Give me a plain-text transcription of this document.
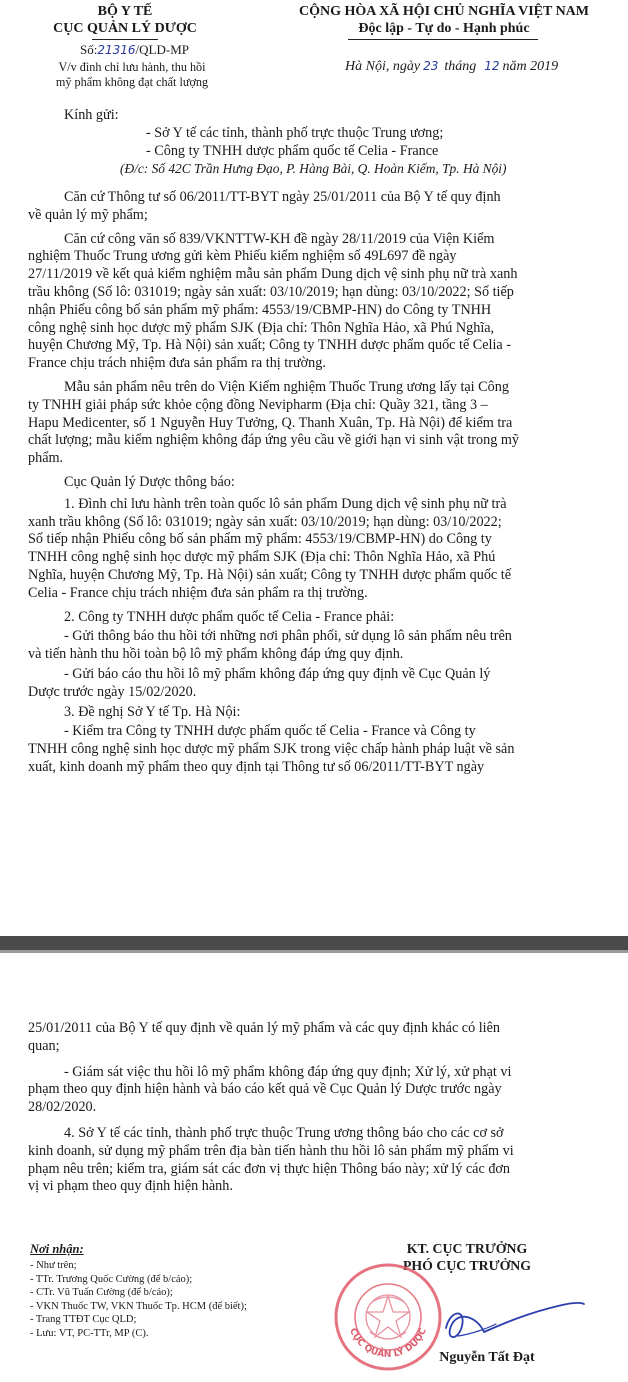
BỘ Y TẾ
CỤC QUẢN LÝ DƯỢC
Số:21316/QLD-MP
V/v đình chỉ lưu hành, thu hồi
mỹ phẩm không đạt chất lượng
CỘNG HÒA XÃ HỘI CHỦ NGHĨA VIỆT NAM
Độc lập - Tự do - Hạnh phúc
Hà Nội, ngày 23 tháng 12 năm 2019
Kính gửi:
- Sở Y tế các tỉnh, thành phố trực thuộc Trung ương;
- Công ty TNHH dược phẩm quốc tế Celia - France
(Đ/c: Số 42C Trần Hưng Đạo, P. Hàng Bài, Q. Hoàn Kiếm, Tp. Hà Nội)

Căn cứ Thông tư số 06/2011/TT-BYT ngày 25/01/2011 của Bộ Y tế quy định
về quản lý mỹ phẩm;

Căn cứ công văn số 839/VKNTTW-KH đề ngày 28/11/2019 của Viện Kiểm
nghiệm Thuốc Trung ương gửi kèm Phiếu kiểm nghiệm số 49L697 đề ngày
27/11/2019 về kết quả kiểm nghiệm mẫu sản phẩm Dung dịch vệ sinh phụ nữ trà xanh
trầu không (Số lô: 031019; ngày sản xuất: 03/10/2019; hạn dùng: 03/10/2022; Số tiếp
nhận Phiếu công bố sản phẩm mỹ phẩm: 4553/19/CBMP-HN) do Công ty TNHH
công nghệ sinh học dược mỹ phẩm SJK (Địa chỉ: Thôn Nghĩa Hảo, xã Phú Nghĩa,
huyện Chương Mỹ, Tp. Hà Nội) sản xuất; Công ty TNHH dược phẩm quốc tế Celia -
France chịu trách nhiệm đưa sản phẩm ra thị trường.

Mẫu sản phẩm nêu trên do Viện Kiểm nghiệm Thuốc Trung ương lấy tại Công
ty TNHH giải pháp sức khỏe cộng đồng Nevipharm (Địa chỉ: Quầy 321, tầng 3 –
Hapu Medicenter, số 1 Nguyễn Huy Tưởng, Q. Thanh Xuân, Tp. Hà Nội) để kiểm tra
chất lượng; mẫu kiểm nghiệm không đáp ứng yêu cầu về giới hạn vi sinh vật trong mỹ
phẩm.

Cục Quản lý Dược thông báo:

1. Đình chỉ lưu hành trên toàn quốc lô sản phẩm Dung dịch vệ sinh phụ nữ trà
xanh trầu không (Số lô: 031019; ngày sản xuất: 03/10/2019; hạn dùng: 03/10/2022;
Số tiếp nhận Phiếu công bố sản phẩm mỹ phẩm: 4553/19/CBMP-HN) do Công ty
TNHH công nghệ sinh học dược mỹ phẩm SJK (Địa chỉ: Thôn Nghĩa Hảo, xã Phú
Nghĩa, huyện Chương Mỹ, Tp. Hà Nội) sản xuất; Công ty TNHH dược phẩm quốc tế
Celia - France chịu trách nhiệm đưa sản phẩm ra thị trường.

2. Công ty TNHH dược phẩm quốc tế Celia - France phải:

- Gửi thông báo thu hồi tới những nơi phân phối, sử dụng lô sản phẩm nêu trên
và tiến hành thu hồi toàn bộ lô mỹ phẩm không đáp ứng quy định.

- Gửi báo cáo thu hồi lô mỹ phẩm không đáp ứng quy định về Cục Quản lý
Dược trước ngày 15/02/2020.

3. Đề nghị Sở Y tế Tp. Hà Nội:

- Kiểm tra Công ty TNHH dược phẩm quốc tế Celia - France và Công ty
TNHH công nghệ sinh học dược mỹ phẩm SJK trong việc chấp hành pháp luật về sản
xuất, kinh doanh mỹ phẩm theo quy định tại Thông tư số 06/2011/TT-BYT ngày

25/01/2011 của Bộ Y tế quy định về quản lý mỹ phẩm và các quy định khác có liên
quan;

- Giám sát việc thu hồi lô mỹ phẩm không đáp ứng quy định; Xử lý, xử phạt vi
phạm theo quy định hiện hành và báo cáo kết quả về Cục Quản lý Dược trước ngày
28/02/2020.

4. Sở Y tế các tỉnh, thành phố trực thuộc Trung ương thông báo cho các cơ sở
kinh doanh, sử dụng mỹ phẩm trên địa bàn tiến hành thu hồi lô sản phẩm mỹ phẩm vi
phạm nêu trên; kiểm tra, giám sát các đơn vị thực hiện Thông báo này; xử lý các đơn
vị vi phạm theo quy định hiện hành.

Nơi nhận:
- Như trên;
- TTr. Trương Quốc Cường (để b/cáo);
- CTr. Vũ Tuấn Cường (để b/cáo);
- VKN Thuốc TW, VKN Thuốc Tp. HCM (để biết);
- Trang TTĐT Cục QLD;
- Lưu: VT, PC-TTr, MP (C).
KT. CỤC TRƯỞNG
PHÓ CỤC TRƯỞNG
CỤC QUẢN LÝ DƯỢC
Nguyễn Tất Đạt
